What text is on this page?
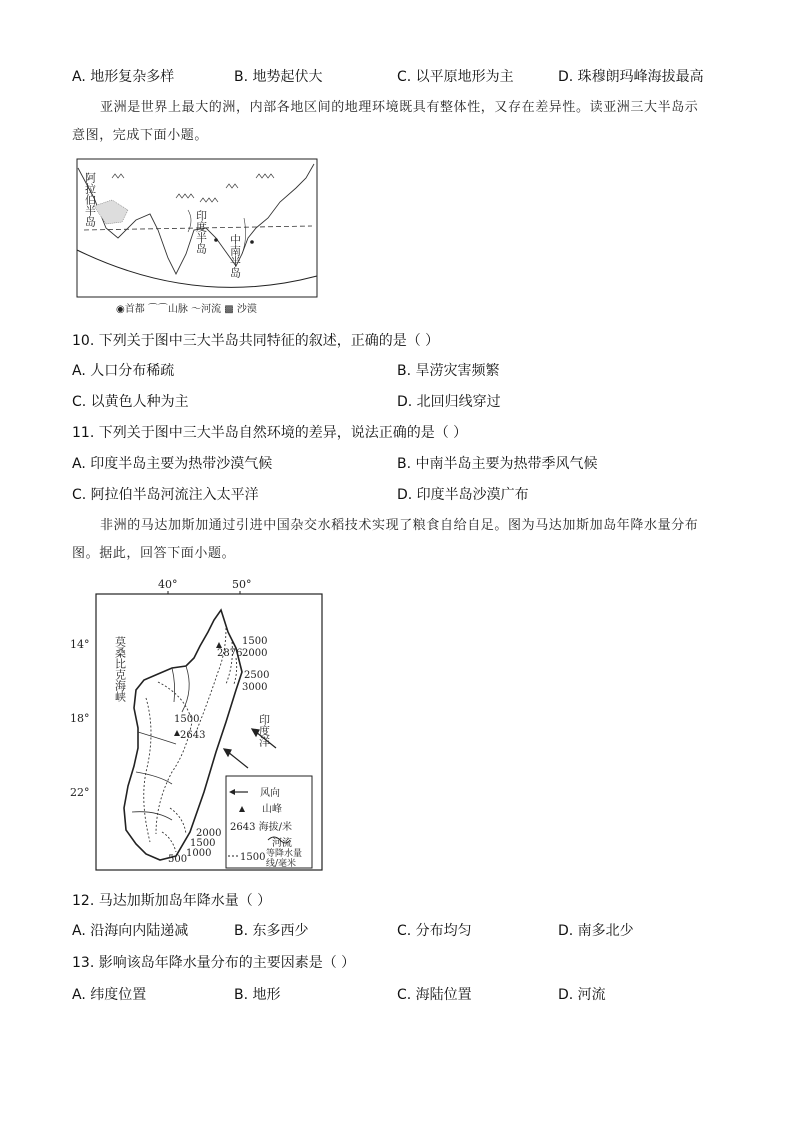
A. 地形复杂多样	B. 地势起伏大	C. 以平原地形为主	D. 珠穆朗玛峰海拔最高
亚洲是世界上最大的洲，内部各地区间的地理环境既具有整体性，又存在差异性。读亚洲三大半岛示
意图，完成下面小题。
阿拉伯半岛
印度半岛
中南半岛
◉首都 ⌒⌒山脉 ～河流 ▩ 沙漠
10. 下列关于图中三大半岛共同特征的叙述，正确的是（ ）
A. 人口分布稀疏	B. 旱涝灾害频繁
C. 以黄色人种为主	D. 北回归线穿过
11. 下列关于图中三大半岛自然环境的差异，说法正确的是（ ）
A. 印度半岛主要为热带沙漠气候	B. 中南半岛主要为热带季风气候
C. 阿拉伯半岛河流注入太平洋	D. 印度半岛沙漠广布
非洲的马达加斯加通过引进中国杂交水稻技术实现了粮食自给自足。图为马达加斯加岛年降水量分布
图。据此，回答下面小题。
40°	50°
14°
18°
22°
2876
2643
1500
2000
2500
3000
1500
2000
1500
1000
500
莫桑比克海峡
印度洋
风向
山峰
2643 海拔/米
河流
1500 等降水量
线/毫米
12. 马达加斯加岛年降水量（ ）
A. 沿海向内陆递减	B. 东多西少	C. 分布均匀	D. 南多北少
13. 影响该岛年降水量分布的主要因素是（ ）
A. 纬度位置	B. 地形	C. 海陆位置	D. 河流
